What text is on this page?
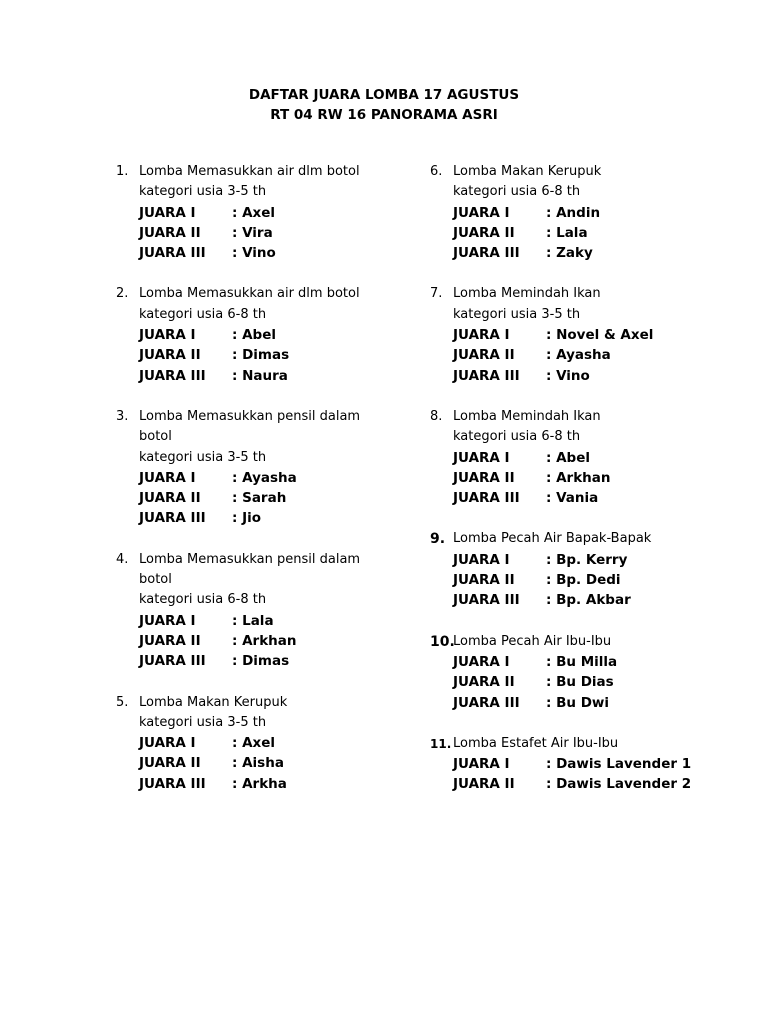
DAFTAR JUARA LOMBA 17 AGUSTUS
RT 04 RW 16 PANORAMA ASRI
1. Lomba Memasukkan air dlm botol
kategori usia 3-5 th
JUARA I	: Axel
JUARA II	: Vira
JUARA III	: Vino
2. Lomba Memasukkan air dlm botol
kategori usia 6-8 th
JUARA I	: Abel
JUARA II	: Dimas
JUARA III	: Naura
3. Lomba Memasukkan pensil dalam
botol
kategori usia 3-5 th
JUARA I	: Ayasha
JUARA II	: Sarah
JUARA III	: Jio
4. Lomba Memasukkan pensil dalam
botol
kategori usia 6-8 th
JUARA I	: Lala
JUARA II	: Arkhan
JUARA III	: Dimas
5. Lomba Makan Kerupuk
kategori usia 3-5 th
JUARA I	: Axel
JUARA II	: Aisha
JUARA III	: Arkha
6. Lomba Makan Kerupuk
kategori usia 6-8 th
JUARA I	: Andin
JUARA II	: Lala
JUARA III	: Zaky
7. Lomba Memindah Ikan
kategori usia 3-5 th
JUARA I	: Novel & Axel
JUARA II	: Ayasha
JUARA III	: Vino
8. Lomba Memindah Ikan
kategori usia 6-8 th
JUARA I	: Abel
JUARA II	: Arkhan
JUARA III	: Vania
9. Lomba Pecah Air Bapak-Bapak
JUARA I	: Bp. Kerry
JUARA II	: Bp. Dedi
JUARA III	: Bp. Akbar
10.
Lomba Pecah Air Ibu-Ibu
JUARA I	: Bu Milla
JUARA II	: Bu Dias
JUARA III	: Bu Dwi
11. Lomba Estafet Air Ibu-Ibu
JUARA I	: Dawis Lavender 1
JUARA II	: Dawis Lavender 2
